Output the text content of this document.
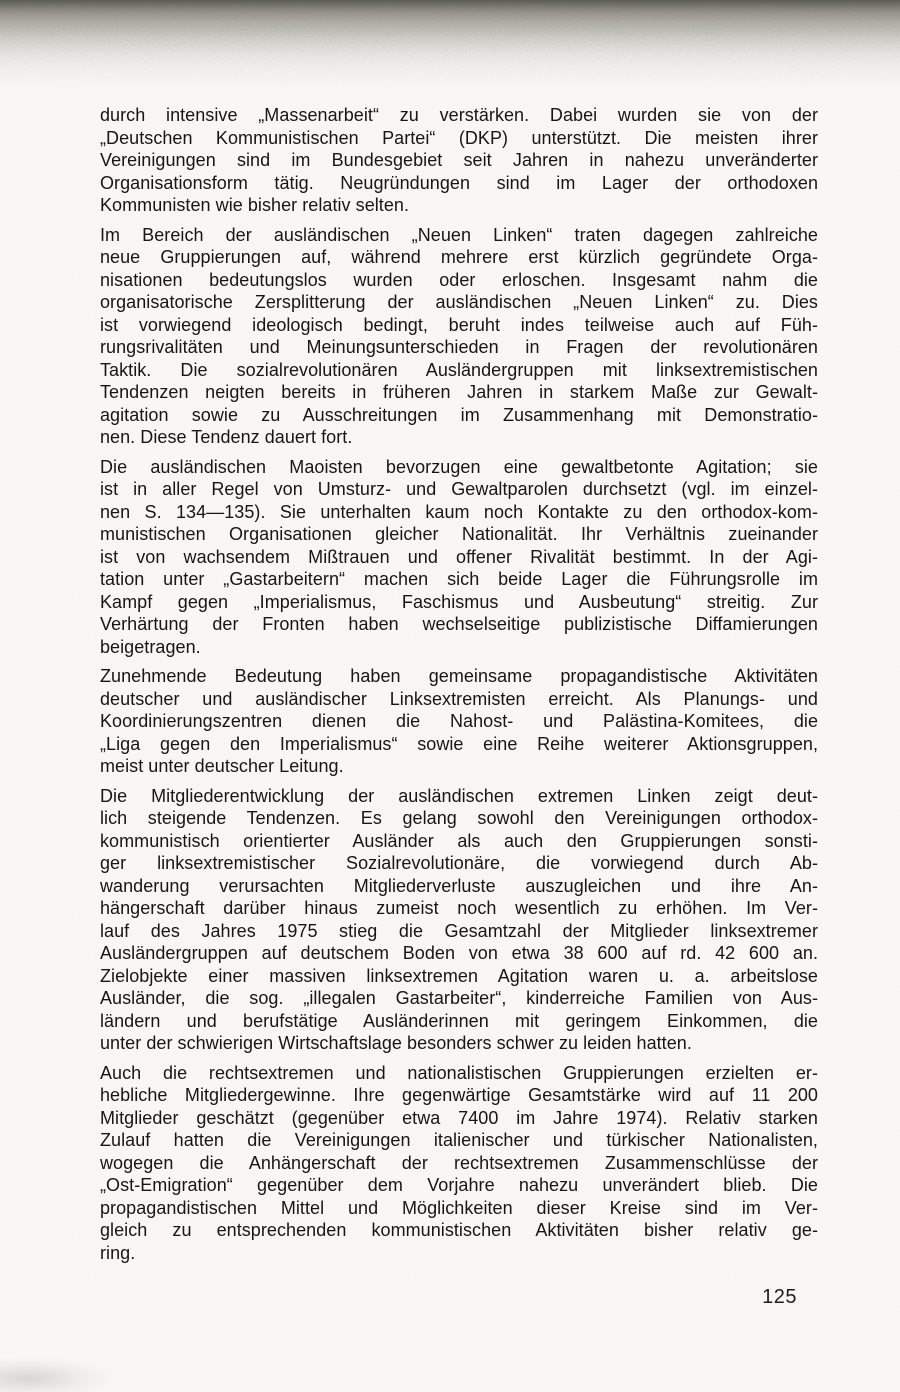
durch intensive „Massenarbeit“ zu verstärken. Dabei wurden sie von der
„Deutschen Kommunistischen Partei“ (DKP) unterstützt. Die meisten ihrer
Vereinigungen sind im Bundesgebiet seit Jahren in nahezu unveränderter
Organisationsform tätig. Neugründungen sind im Lager der orthodoxen
Kommunisten wie bisher relativ selten.
Im Bereich der ausländischen „Neuen Linken“ traten dagegen zahlreiche
neue Gruppierungen auf, während mehrere erst kürzlich gegründete Orga-
nisationen bedeutungslos wurden oder erloschen. Insgesamt nahm die
organisatorische Zersplitterung der ausländischen „Neuen Linken“ zu. Dies
ist vorwiegend ideologisch bedingt, beruht indes teilweise auch auf Füh-
rungsrivalitäten und Meinungsunterschieden in Fragen der revolutionären
Taktik. Die sozialrevolutionären Ausländergruppen mit linksextremistischen
Tendenzen neigten bereits in früheren Jahren in starkem Maße zur Gewalt-
agitation sowie zu Ausschreitungen im Zusammenhang mit Demonstratio-
nen. Diese Tendenz dauert fort.
Die ausländischen Maoisten bevorzugen eine gewaltbetonte Agitation; sie
ist in aller Regel von Umsturz- und Gewaltparolen durchsetzt (vgl. im einzel-
nen S. 134—135). Sie unterhalten kaum noch Kontakte zu den orthodox-kom-
munistischen Organisationen gleicher Nationalität. Ihr Verhältnis zueinander
ist von wachsendem Mißtrauen und offener Rivalität bestimmt. In der Agi-
tation unter „Gastarbeitern“ machen sich beide Lager die Führungsrolle im
Kampf gegen „Imperialismus, Faschismus und Ausbeutung“ streitig. Zur
Verhärtung der Fronten haben wechselseitige publizistische Diffamierungen
beigetragen.
Zunehmende Bedeutung haben gemeinsame propagandistische Aktivitäten
deutscher und ausländischer Linksextremisten erreicht. Als Planungs- und
Koordinierungszentren dienen die Nahost- und Palästina-Komitees, die
„Liga gegen den Imperialismus“ sowie eine Reihe weiterer Aktionsgruppen,
meist unter deutscher Leitung.
Die Mitgliederentwicklung der ausländischen extremen Linken zeigt deut-
lich steigende Tendenzen. Es gelang sowohl den Vereinigungen orthodox-
kommunistisch orientierter Ausländer als auch den Gruppierungen sonsti-
ger linksextremistischer Sozialrevolutionäre, die vorwiegend durch Ab-
wanderung verursachten Mitgliederverluste auszugleichen und ihre An-
hängerschaft darüber hinaus zumeist noch wesentlich zu erhöhen. Im Ver-
lauf des Jahres 1975 stieg die Gesamtzahl der Mitglieder linksextremer
Ausländergruppen auf deutschem Boden von etwa 38 600 auf rd. 42 600 an.
Zielobjekte einer massiven linksextremen Agitation waren u. a. arbeitslose
Ausländer, die sog. „illegalen Gastarbeiter“, kinderreiche Familien von Aus-
ländern und berufstätige Ausländerinnen mit geringem Einkommen, die
unter der schwierigen Wirtschaftslage besonders schwer zu leiden hatten.
Auch die rechtsextremen und nationalistischen Gruppierungen erzielten er-
hebliche Mitgliedergewinne. Ihre gegenwärtige Gesamtstärke wird auf 11 200
Mitglieder geschätzt (gegenüber etwa 7400 im Jahre 1974). Relativ starken
Zulauf hatten die Vereinigungen italienischer und türkischer Nationalisten,
wogegen die Anhängerschaft der rechtsextremen Zusammenschlüsse der
„Ost-Emigration“ gegenüber dem Vorjahre nahezu unverändert blieb. Die
propagandistischen Mittel und Möglichkeiten dieser Kreise sind im Ver-
gleich zu entsprechenden kommunistischen Aktivitäten bisher relativ ge-
ring.
125
